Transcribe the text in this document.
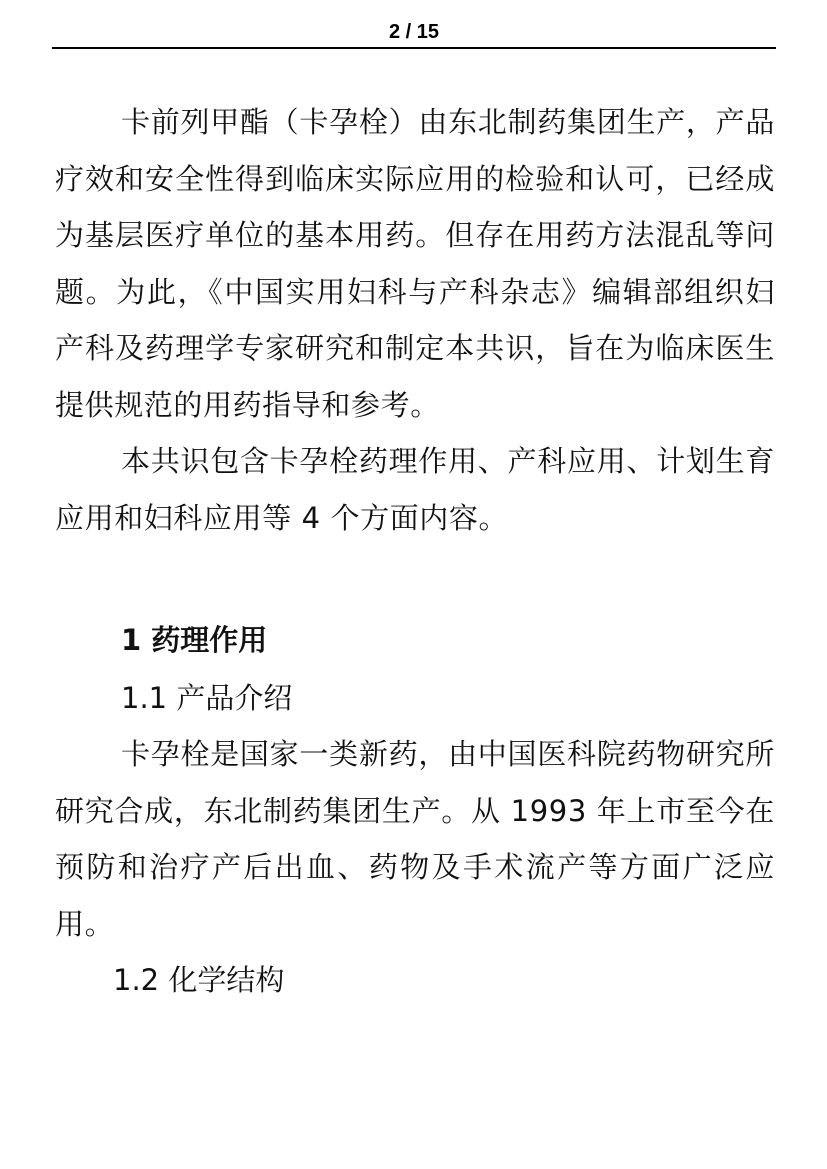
2 / 15

卡前列甲酯（卡孕栓）由东北制药集团生产，产品疗效和安全性得到临床实际应用的检验和认可，已经成为基层医疗单位的基本用药。但存在用药方法混乱等问题。为此，《中国实用妇科与产科杂志》编辑部组织妇产科及药理学专家研究和制定本共识，旨在为临床医生提供规范的用药指导和参考。

本共识包含卡孕栓药理作用、产科应用、计划生育应用和妇科应用等 4 个方面内容。

1 药理作用
1.1 产品介绍

卡孕栓是国家一类新药，由中国医科院药物研究所研究合成，东北制药集团生产。从 1993 年上市至今在预防和治疗产后出血、药物及手术流产等方面广泛应用。

1.2 化学结构
